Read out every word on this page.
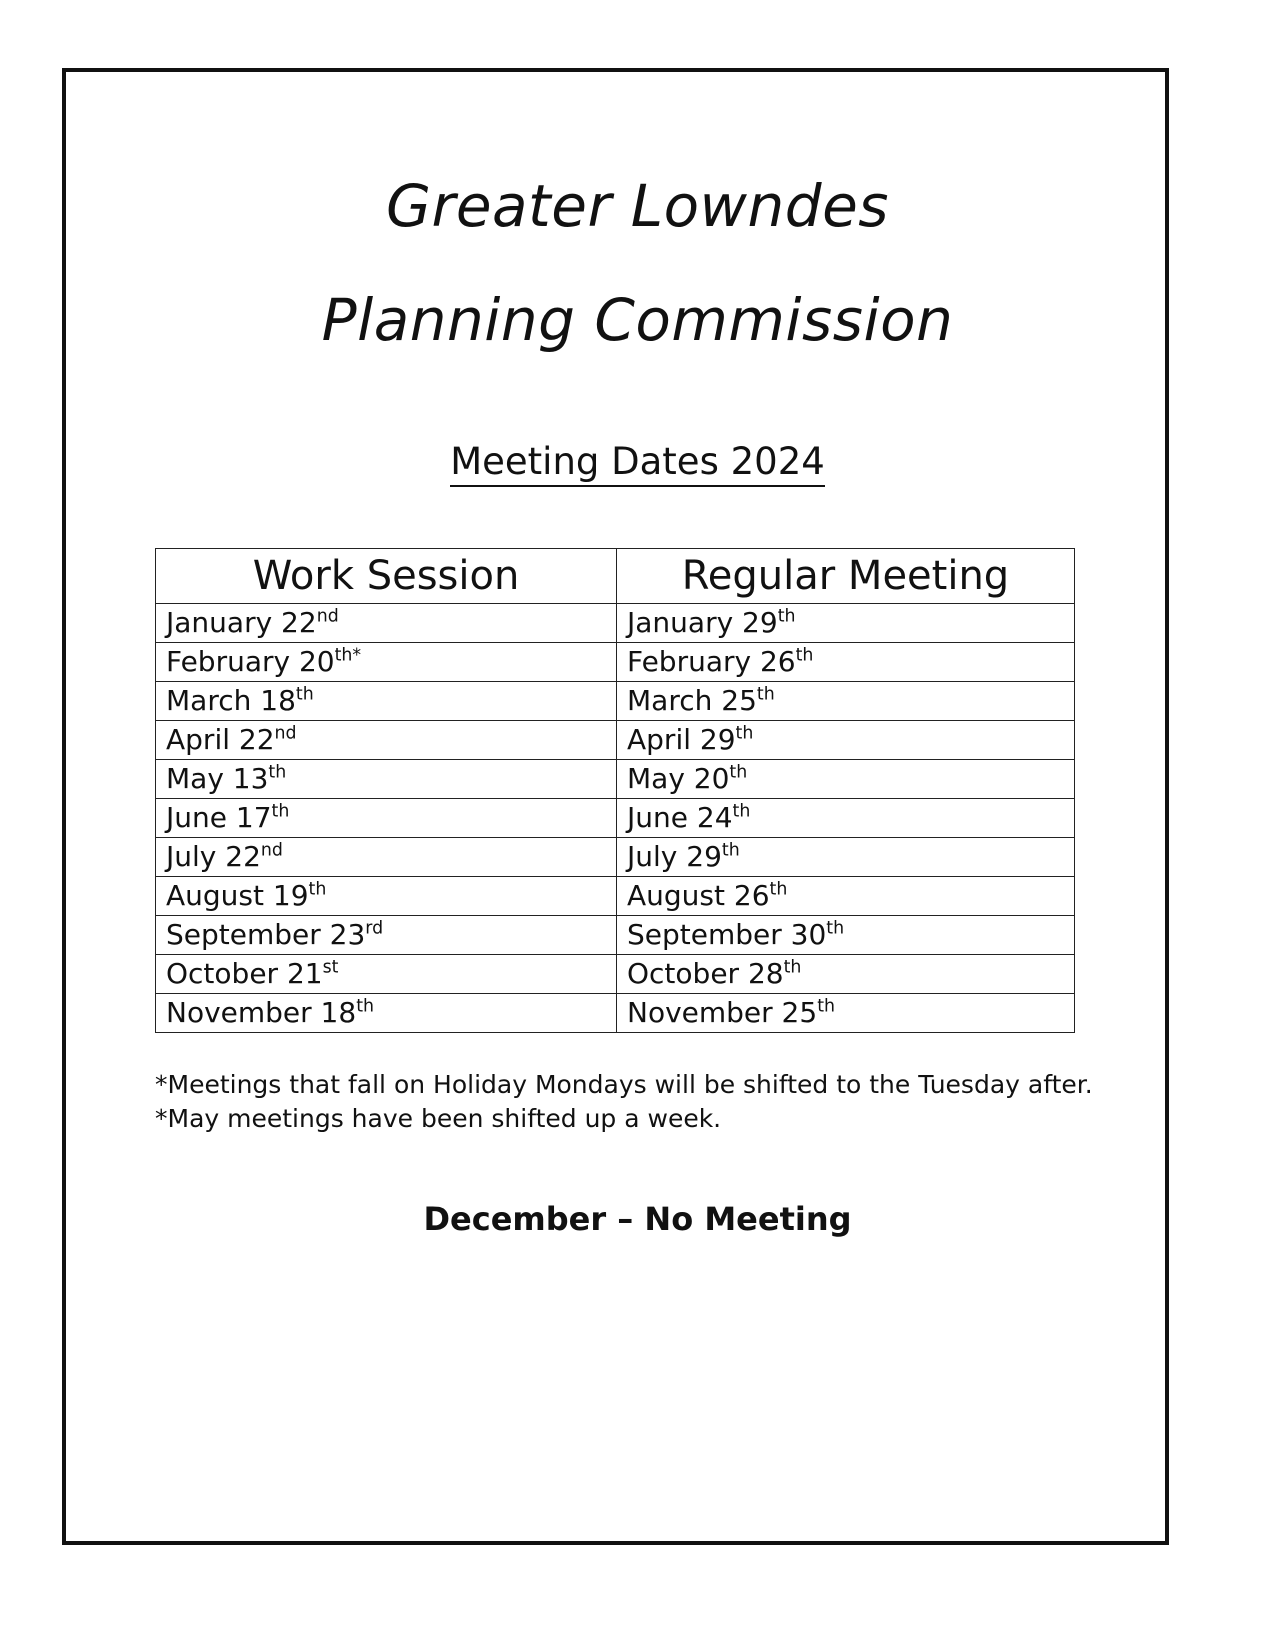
Greater Lowndes
Planning Commission
Meeting Dates 2024
Work Session	Regular Meeting
January 22nd	January 29th
February $20^{th*}$	February 26th
March 18th	March 25th
April 22nd	April 29th
May 13th	May 20th
June 17th	June 24th
July 22nd	July 29th
August 19th	August 26th
September 23rd	September 30th
October 21st	October 28th
November 18th	November 25th
*Meetings that fall on Holiday Mondays will be shifted to the Tuesday after.
*May meetings have been shifted up a week.
December – No Meeting
